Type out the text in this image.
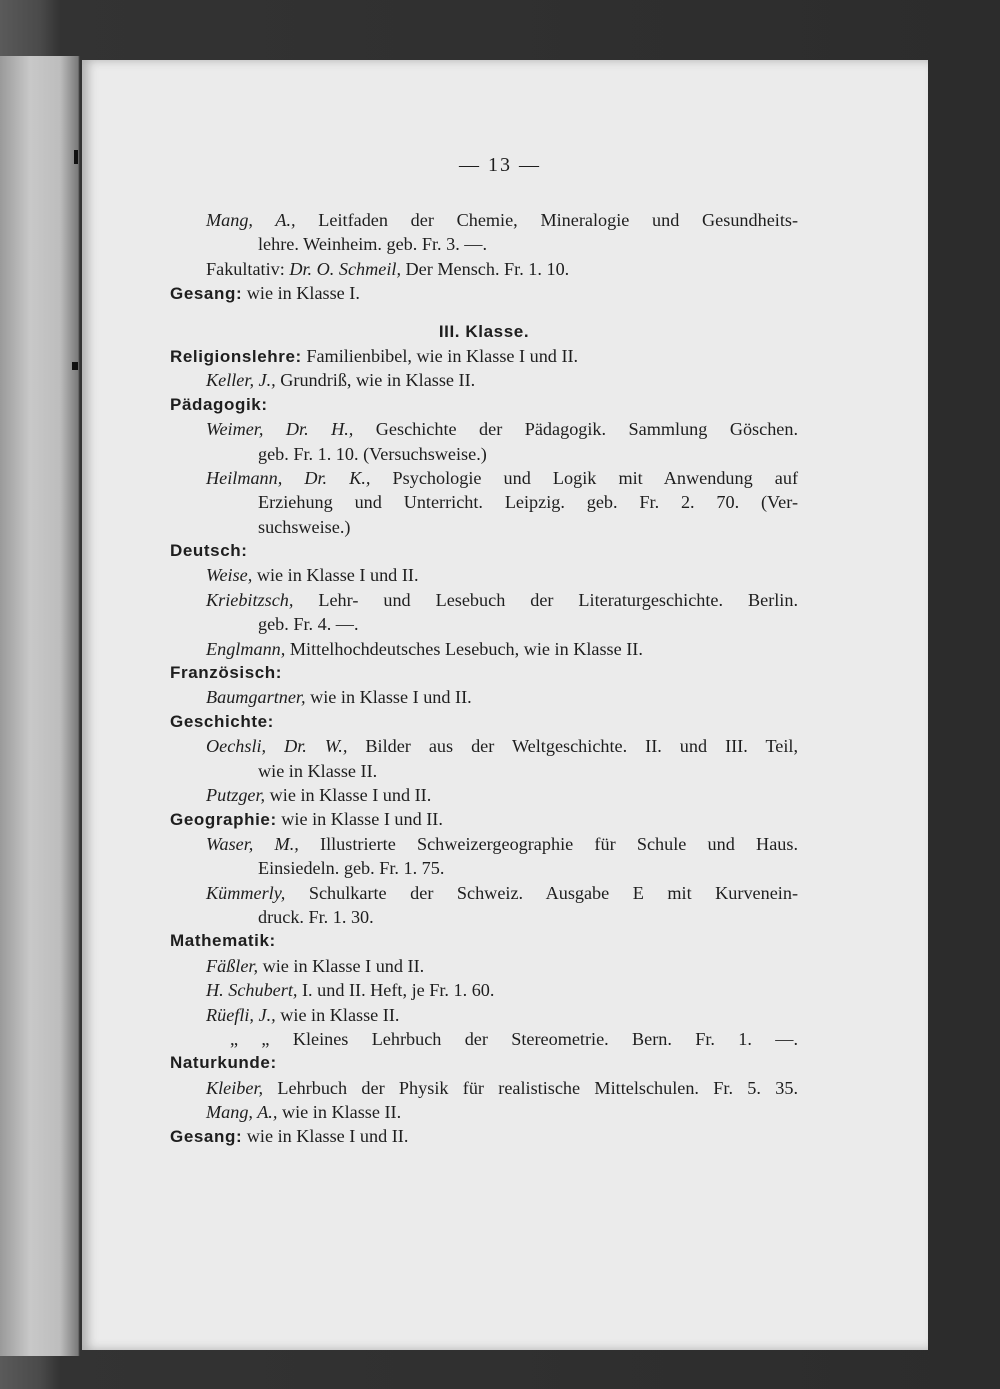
— 13 —
Mang, A., Leitfaden der Chemie, Mineralogie und Gesundheits-
lehre. Weinheim. geb. Fr. 3. —.
Fakultativ: Dr. O. Schmeil, Der Mensch. Fr. 1. 10.
Gesang: wie in Klasse I.
III. Klasse.
Religionslehre: Familienbibel, wie in Klasse I und II.
Keller, J., Grundriß, wie in Klasse II.
Pädagogik:
Weimer, Dr. H., Geschichte der Pädagogik. Sammlung Göschen.
geb. Fr. 1. 10. (Versuchsweise.)
Heilmann, Dr. K., Psychologie und Logik mit Anwendung auf
Erziehung und Unterricht. Leipzig. geb. Fr. 2. 70. (Ver-
suchsweise.)
Deutsch:
Weise, wie in Klasse I und II.
Kriebitzsch, Lehr- und Lesebuch der Literaturgeschichte. Berlin.
geb. Fr. 4. —.
Englmann, Mittelhochdeutsches Lesebuch, wie in Klasse II.
Französisch:
Baumgartner, wie in Klasse I und II.
Geschichte:
Oechsli, Dr. W., Bilder aus der Weltgeschichte. II. und III. Teil,
wie in Klasse II.
Putzger, wie in Klasse I und II.
Geographie: wie in Klasse I und II.
Waser, M., Illustrierte Schweizergeographie für Schule und Haus.
Einsiedeln. geb. Fr. 1. 75.
Kümmerly, Schulkarte der Schweiz. Ausgabe E mit Kurvenein-
druck. Fr. 1. 30.
Mathematik:
Fäßler, wie in Klasse I und II.
H. Schubert, I. und II. Heft, je Fr. 1. 60.
Rüefli, J., wie in Klasse II.
„ „ Kleines Lehrbuch der Stereometrie. Bern. Fr. 1. —.
Naturkunde:
Kleiber, Lehrbuch der Physik für realistische Mittelschulen. Fr. 5. 35.
Mang, A., wie in Klasse II.
Gesang: wie in Klasse I und II.
